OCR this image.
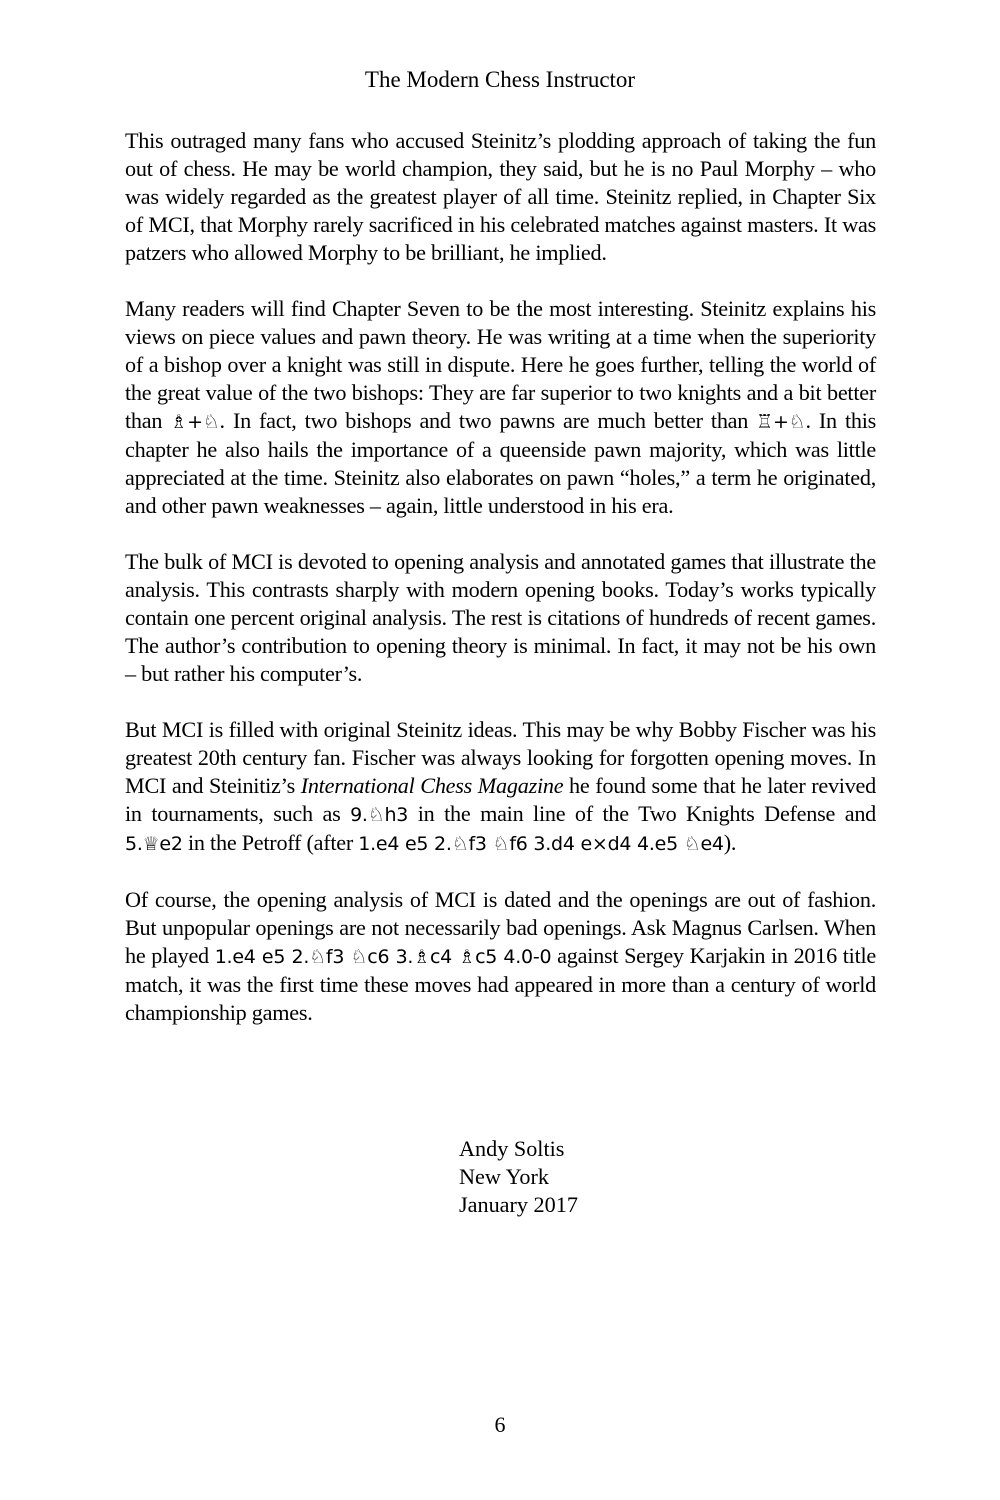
The Modern Chess Instructor

This outraged many fans who accused Steinitz’s plodding approach of taking the fun out of chess. He may be world champion, they said, but he is no Paul Morphy – who was widely regarded as the greatest player of all time. Steinitz replied, in Chapter Six of MCI, that Morphy rarely sacrificed in his celebrated matches against masters. It was patzers who allowed Morphy to be brilliant, he implied.

Many readers will find Chapter Seven to be the most interesting. Steinitz explains his views on piece values and pawn theory. He was writing at a time when the superiority of a bishop over a knight was still in dispute. Here he goes further, telling the world of the great value of the two bishops: They are far superior to two knights and a bit better than ♗+♘. In fact, two bishops and two pawns are much better than ♖+♘. In this chapter he also hails the importance of a queenside pawn majority, which was little appreciated at the time. Steinitz also elaborates on pawn “holes,” a term he originated, and other pawn weaknesses – again, little understood in his era.

The bulk of MCI is devoted to opening analysis and annotated games that illustrate the analysis. This contrasts sharply with modern opening books. Today’s works typically contain one percent original analysis. The rest is citations of hundreds of recent games. The author’s contribution to opening theory is minimal. In fact, it may not be his own – but rather his computer’s.

But MCI is filled with original Steinitz ideas. This may be why Bobby Fischer was his greatest 20th century fan. Fischer was always looking for forgotten opening moves. In MCI and Steinitiz’s International Chess Magazine he found some that he later revived in tournaments, such as 9.♘h3 in the main line of the Two Knights Defense and 5.♕e2 in the Petroff (after 1.e4 e5 2.♘f3 ♘f6 3.d4 e×d4 4.e5 ♘e4).

Of course, the opening analysis of MCI is dated and the openings are out of fashion. But unpopular openings are not necessarily bad openings. Ask Magnus Carlsen. When he played 1.e4 e5 2.♘f3 ♘c6 3.♗c4 ♗c5 4.0-0 against Sergey Karjakin in 2016 title match, it was the first time these moves had appeared in more than a century of world championship games.

Andy Soltis
New York
January 2017
6
